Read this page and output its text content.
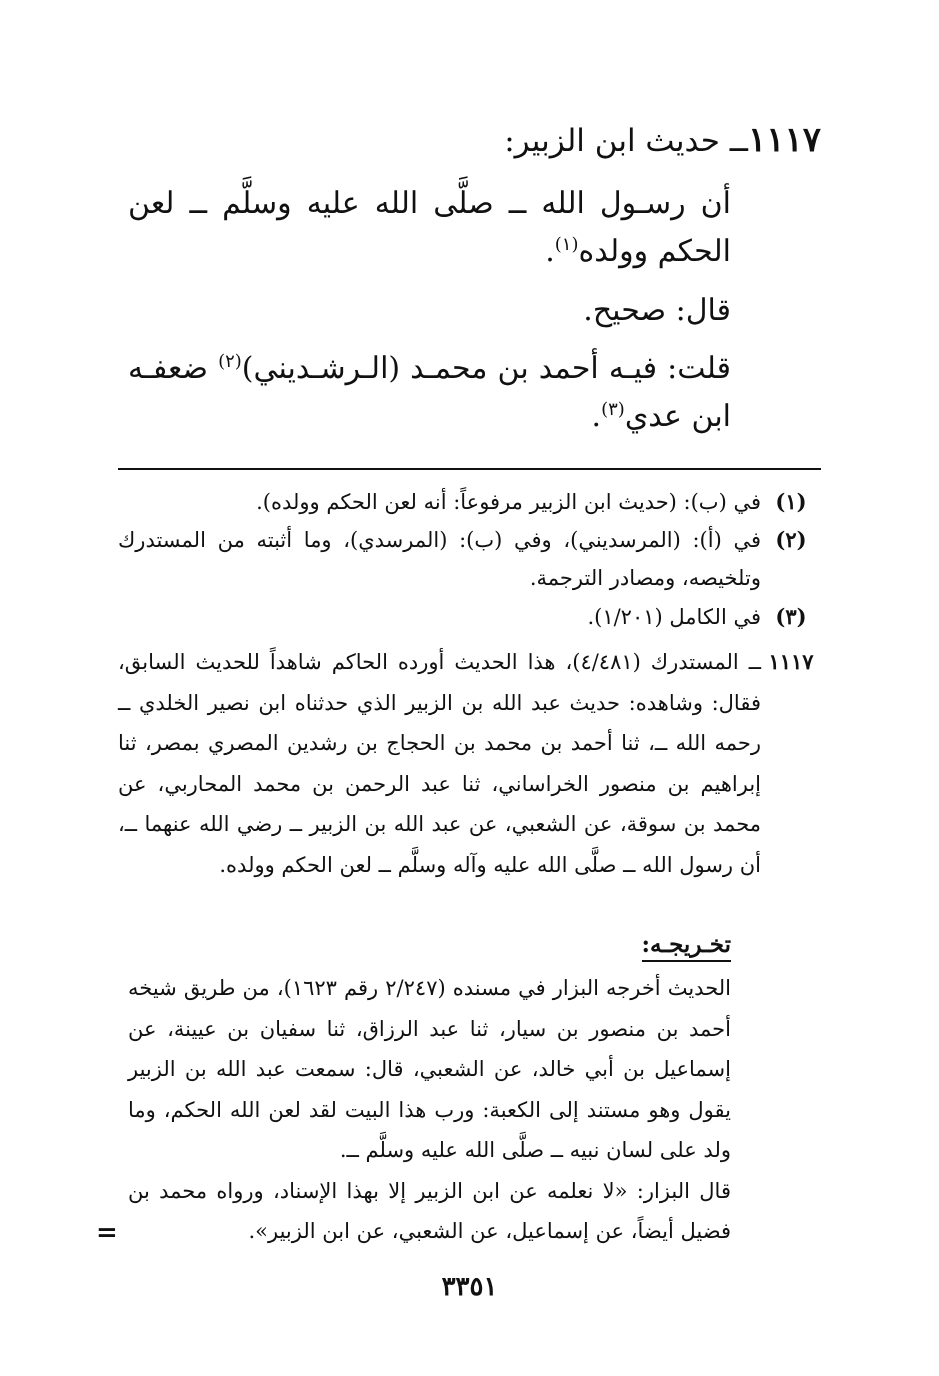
١١١٧ــ حديث ابن الزبير:
أن رسـول الله ــ صلَّى الله عليه وسلَّم ــ لعن الحكم وولده$^{(١)}$.
قال: صحيح.
قلت: فيـه أحمد بن محمـد (الـرشـديني)$^{(٢)}$ ضعفـه ابن عدي$^{(٣)}$.
(١)
في (ب): (حديث ابن الزبير مرفوعاً: أنه لعن الحكم وولده).
(٢)
في (أ): (المرسديني)، وفي (ب): (المرسدي)، وما أثبته من المستدرك وتلخيصه، ومصادر الترجمة.
(٣)
في الكامل (١/٢٠١).
١١١٧
ــ المستدرك (٤/٤٨١)، هذا الحديث أورده الحاكم شاهداً للحديث السابق، فقال: وشاهده: حديث عبد الله بن الزبير الذي حدثناه ابن نصير الخلدي ــ رحمه الله ــ، ثنا أحمد بن محمد بن الحجاج بن رشدين المصري بمصر، ثنا إبراهيم بن منصور الخراساني، ثنا عبد الرحمن بن محمد المحاربي، عن محمد بن سوقة، عن الشعبي، عن عبد الله بن الزبير ــ رضي الله عنهما ــ، أن رسول الله ــ صلَّى الله عليه وآله وسلَّم ــ لعن الحكم وولده.
تخـريجـه:

الحديث أخرجه البزار في مسنده (٢/٢٤٧ رقم ١٦٢٣)، من طريق شيخه أحمد بن منصور بن سيار، ثنا عبد الرزاق، ثنا سفيان بن عيينة، عن إسماعيل بن أبي خالد، عن الشعبي، قال: سمعت عبد الله بن الزبير يقول وهو مستند إلى الكعبة: ورب هذا البيت لقد لعن الله الحكم، وما ولد على لسان نبيه ــ صلَّى الله عليه وسلَّم ــ.

قال البزار: «لا نعلمه عن ابن الزبير إلا بهذا الإسناد، ورواه محمد بن فضيل أيضاً، عن إسماعيل، عن الشعبي، عن ابن الزبير».

=
٣٣٥١
